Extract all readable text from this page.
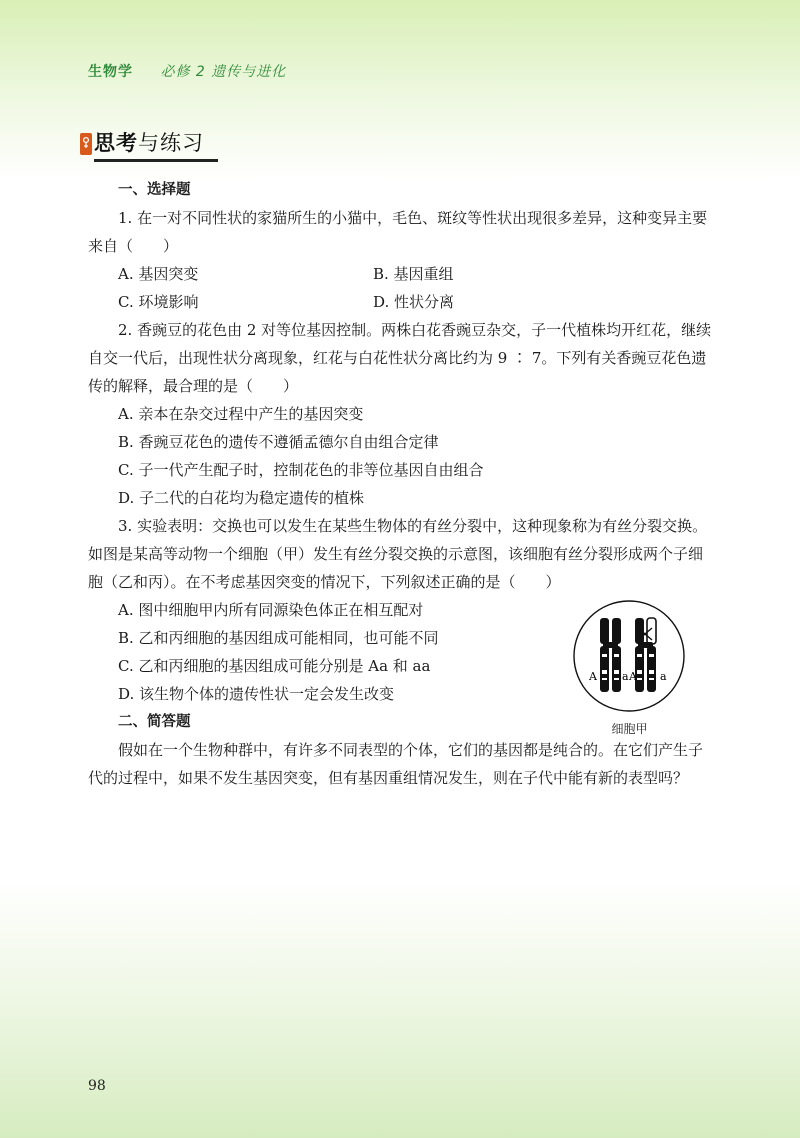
生物学 必修 2 遗传与进化
思考与练习

一、选择题

1. 在一对不同性状的家猫所生的小猫中，毛色、斑纹等性状出现很多差异，这种变异主要来自（　　）

A. 基因突变	B. 基因重组
C. 环境影响	D. 性状分离

2. 香豌豆的花色由 2 对等位基因控制。两株白花香豌豆杂交，子一代植株均开红花，继续自交一代后，出现性状分离现象，红花与白花性状分离比约为 9 ∶ 7。下列有关香豌豆花色遗传的解释，最合理的是（　　）

A. 亲本在杂交过程中产生的基因突变

B. 香豌豆花色的遗传不遵循孟德尔自由组合定律

C. 子一代产生配子时，控制花色的非等位基因自由组合

D. 子二代的白花均为稳定遗传的植株

3. 实验表明：交换也可以发生在某些生物体的有丝分裂中，这种现象称为有丝分裂交换。如图是某高等动物一个细胞（甲）发生有丝分裂交换的示意图，该细胞有丝分裂形成两个子细胞（乙和丙）。在不考虑基因突变的情况下，下列叙述正确的是（　　）

A. 图中细胞甲内所有同源染色体正在相互配对

B. 乙和丙细胞的基因组成可能相同，也可能不同

C. 乙和丙细胞的基因组成可能分别是 Aa 和 aa

D. 该生物个体的遗传性状一定会发生改变

二、简答题

假如在一个生物种群中，有许多不同表型的个体，它们的基因都是纯合的。在它们产生子代的过程中，如果不发生基因突变，但有基因重组情况发生，则在子代中能有新的表型吗？

A a A a
细胞甲
98
